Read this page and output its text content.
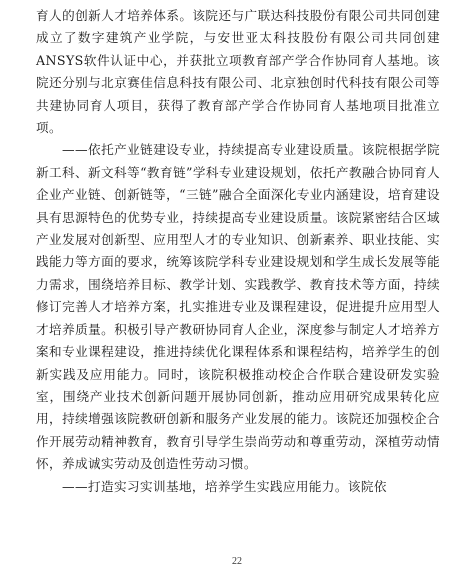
育人的创新人才培养体系。该院还与广联达科技股份有限公司共同创建成立了数字建筑产业学院，与安世亚太科技股份有限公司共同创建ANSYS软件认证中心，并获批立项教育部产学合作协同育人基地。该院还分别与北京赛佳信息科技有限公司、北京独创时代科技有限公司等共建协同育人项目，获得了教育部产学合作协同育人基地项目批准立项。

——依托产业链建设专业，持续提高专业建设质量。该院根据学院新工科、新文科等“教育链”学科专业建设规划，依托产教融合协同育人企业产业链、创新链等，“三链”融合全面深化专业内涵建设，培育建设具有思源特色的优势专业，持续提高专业建设质量。该院紧密结合区域产业发展对创新型、应用型人才的专业知识、创新素养、职业技能、实践能力等方面的要求，统筹该院学科专业建设规划和学生成长发展等能力需求，围绕培养目标、教学计划、实践教学、教育技术等方面，持续修订完善人才培养方案，扎实推进专业及课程建设，促进提升应用型人才培养质量。积极引导产教研协同育人企业，深度参与制定人才培养方案和专业课程建设，推进持续优化课程体系和课程结构，培养学生的创新实践及应用能力。同时，该院积极推动校企合作联合建设研发实验室，围绕产业技术创新问题开展协同创新，推动应用研究成果转化应用，持续增强该院教研创新和服务产业发展的能力。该院还加强校企合作开展劳动精神教育，教育引导学生崇尚劳动和尊重劳动，深植劳动情怀，养成诚实劳动及创造性劳动习惯。

——打造实习实训基地，培养学生实践应用能力。该院依

22
